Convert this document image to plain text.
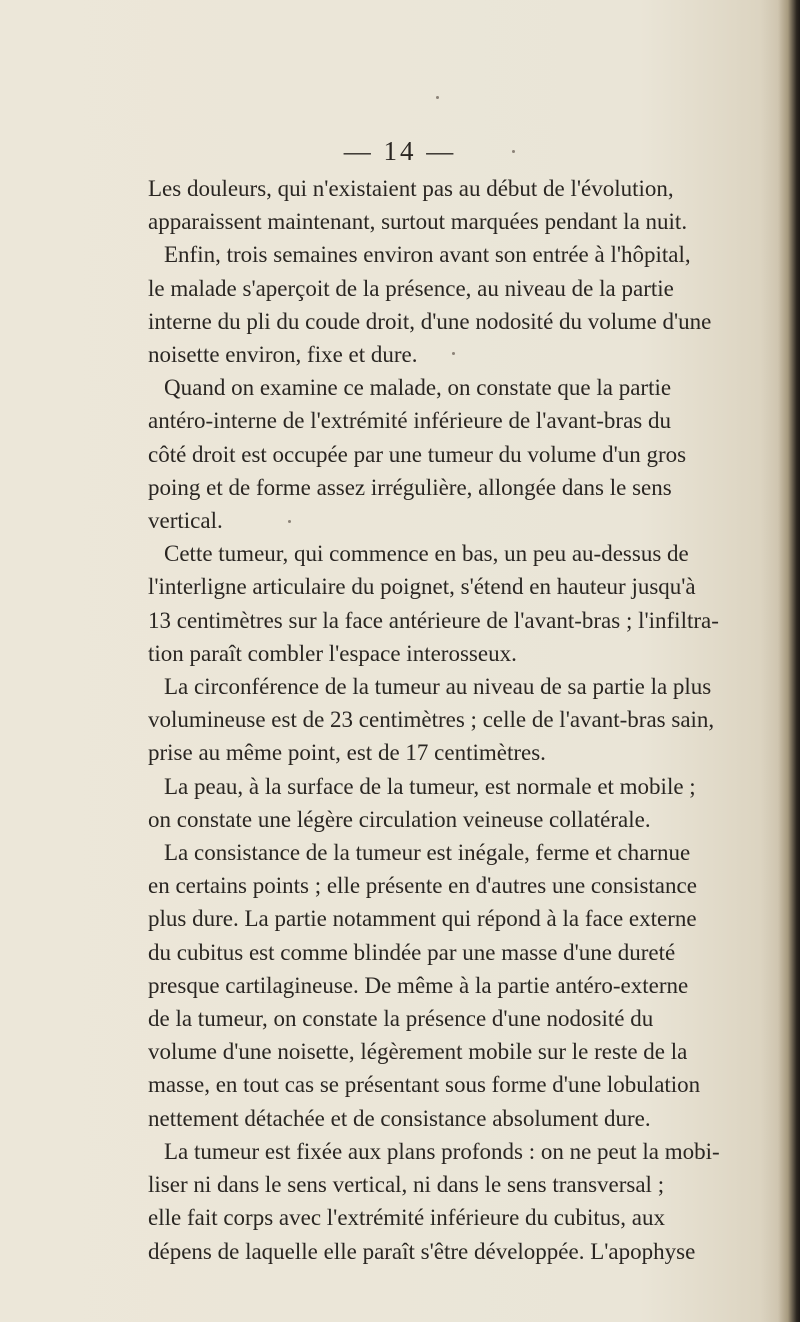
— 14 —
Les douleurs, qui n'existaient pas au début de l'évolution,
apparaissent maintenant, surtout marquées pendant la nuit.
Enfin, trois semaines environ avant son entrée à l'hôpital,
le malade s'aperçoit de la présence, au niveau de la partie
interne du pli du coude droit, d'une nodosité du volume d'une
noisette environ, fixe et dure.
Quand on examine ce malade, on constate que la partie
antéro-interne de l'extrémité inférieure de l'avant-bras du
côté droit est occupée par une tumeur du volume d'un gros
poing et de forme assez irrégulière, allongée dans le sens
vertical.
Cette tumeur, qui commence en bas, un peu au-dessus de
l'interligne articulaire du poignet, s'étend en hauteur jusqu'à
13 centimètres sur la face antérieure de l'avant-bras ; l'infiltra-
tion paraît combler l'espace interosseux.
La circonférence de la tumeur au niveau de sa partie la plus
volumineuse est de 23 centimètres ; celle de l'avant-bras sain,
prise au même point, est de 17 centimètres.
La peau, à la surface de la tumeur, est normale et mobile ;
on constate une légère circulation veineuse collatérale.
La consistance de la tumeur est inégale, ferme et charnue
en certains points ; elle présente en d'autres une consistance
plus dure. La partie notamment qui répond à la face externe
du cubitus est comme blindée par une masse d'une dureté
presque cartilagineuse. De même à la partie antéro-externe
de la tumeur, on constate la présence d'une nodosité du
volume d'une noisette, légèrement mobile sur le reste de la
masse, en tout cas se présentant sous forme d'une lobulation
nettement détachée et de consistance absolument dure.
La tumeur est fixée aux plans profonds : on ne peut la mobi-
liser ni dans le sens vertical, ni dans le sens transversal ;
elle fait corps avec l'extrémité inférieure du cubitus, aux
dépens de laquelle elle paraît s'être développée. L'apophyse
